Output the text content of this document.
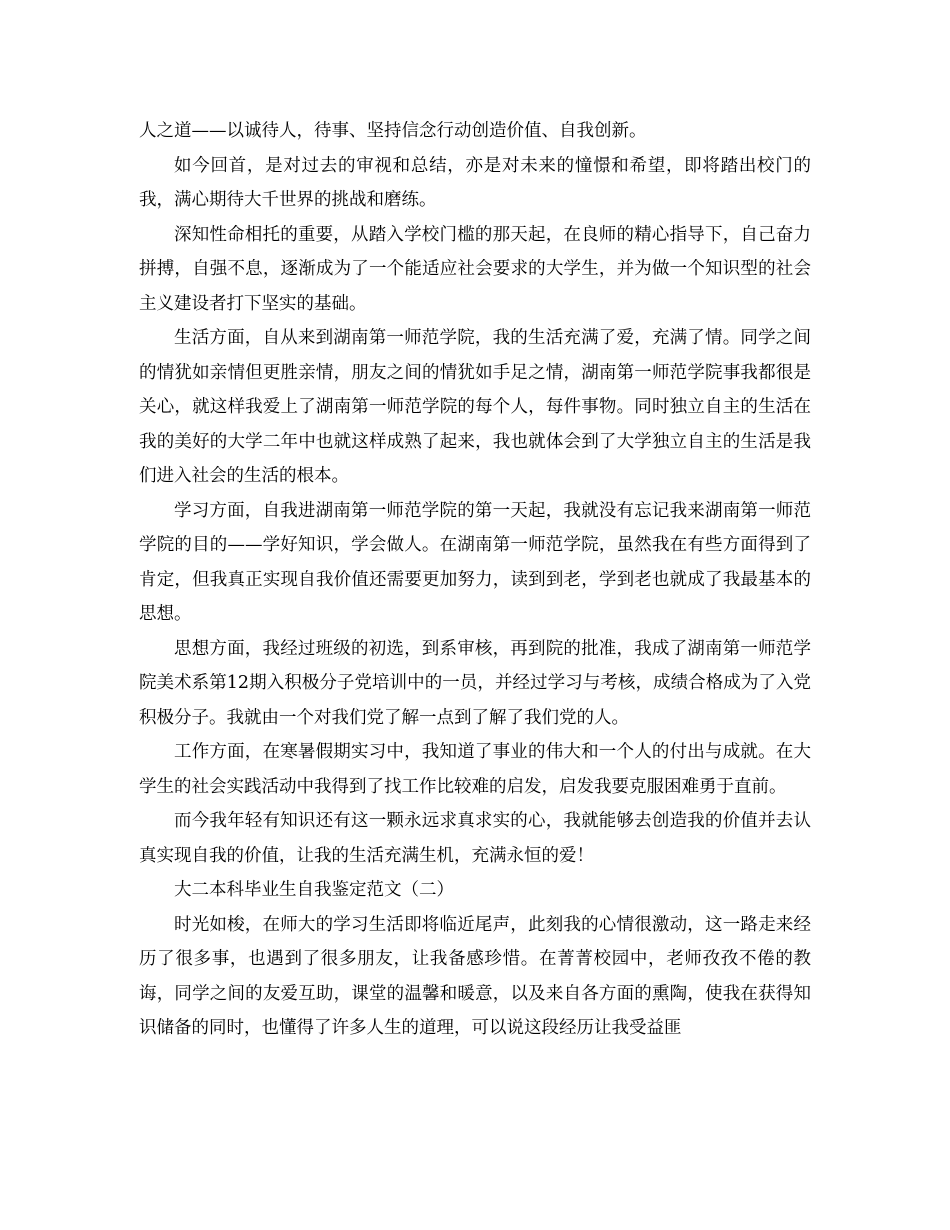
人之道——以诚待人，待事、坚持信念行动创造价值、自我创新。

如今回首，是对过去的审视和总结，亦是对未来的憧憬和希望，即将踏出校门的我，满心期待大千世界的挑战和磨练。

深知性命相托的重要，从踏入学校门槛的那天起，在良师的精心指导下，自己奋力拼搏，自强不息，逐渐成为了一个能适应社会要求的大学生，并为做一个知识型的社会主义建设者打下坚实的基础。

生活方面，自从来到湖南第一师范学院，我的生活充满了爱，充满了情。同学之间的情犹如亲情但更胜亲情，朋友之间的情犹如手足之情，湖南第一师范学院事我都很是关心，就这样我爱上了湖南第一师范学院的每个人，每件事物。同时独立自主的生活在我的美好的大学二年中也就这样成熟了起来，我也就体会到了大学独立自主的生活是我们进入社会的生活的根本。

学习方面，自我进湖南第一师范学院的第一天起，我就没有忘记我来湖南第一师范学院的目的——学好知识，学会做人。在湖南第一师范学院，虽然我在有些方面得到了肯定，但我真正实现自我价值还需要更加努力，读到到老，学到老也就成了我最基本的思想。

思想方面，我经过班级的初选，到系审核，再到院的批准，我成了湖南第一师范学院美术系第12期入积极分子党培训中的一员，并经过学习与考核，成绩合格成为了入党积极分子。我就由一个对我们党了解一点到了解了我们党的人。

工作方面，在寒暑假期实习中，我知道了事业的伟大和一个人的付出与成就。在大学生的社会实践活动中我得到了找工作比较难的启发，启发我要克服困难勇于直前。

而今我年轻有知识还有这一颗永远求真求实的心，我就能够去创造我的价值并去认真实现自我的价值，让我的生活充满生机，充满永恒的爱！

大二本科毕业生自我鉴定范文（二）

时光如梭，在师大的学习生活即将临近尾声，此刻我的心情很激动，这一路走来经历了很多事，也遇到了很多朋友，让我备感珍惜。在菁菁校园中，老师孜孜不倦的教诲，同学之间的友爱互助，课堂的温馨和暖意，以及来自各方面的熏陶，使我在获得知识储备的同时，也懂得了许多人生的道理，可以说这段经历让我受益匪
